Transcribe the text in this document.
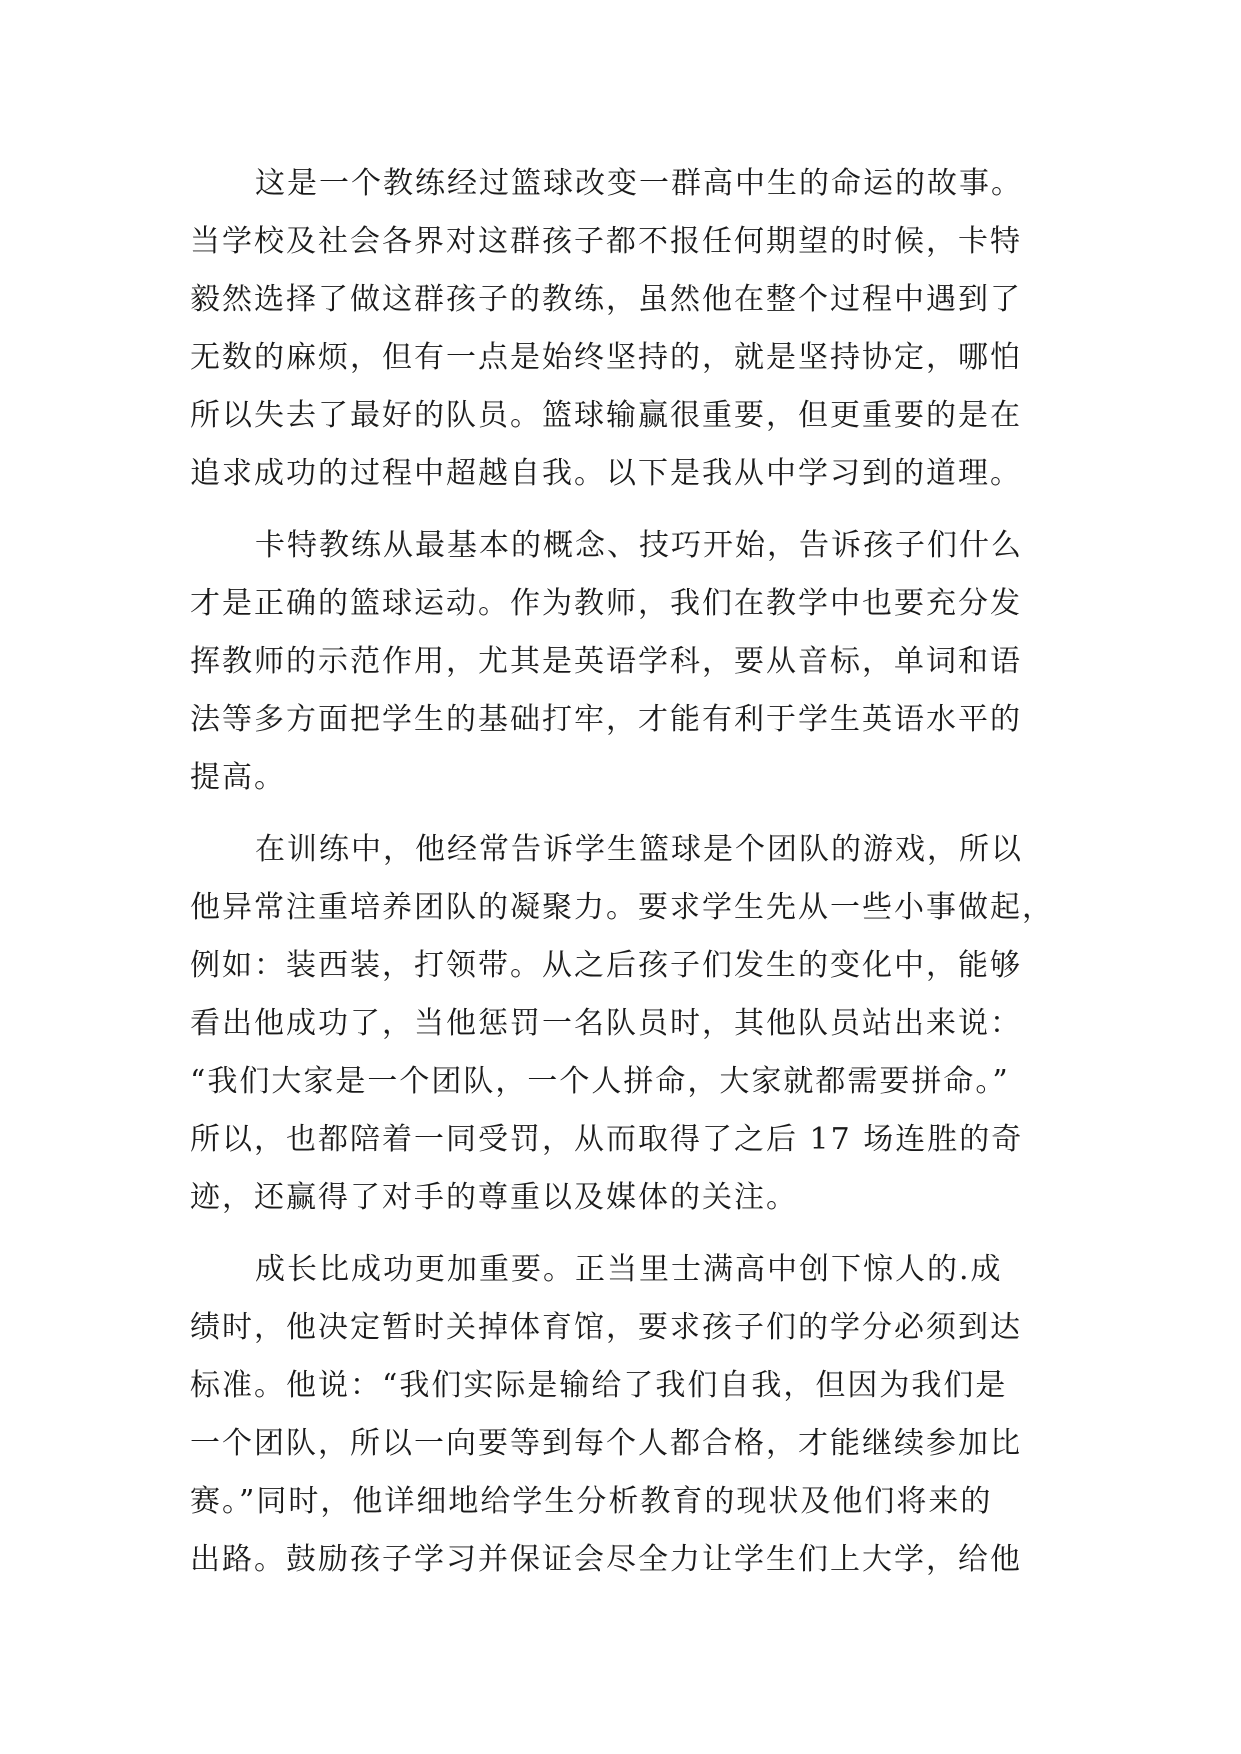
这是一个教练经过篮球改变一群高中生的命运的故事。
当学校及社会各界对这群孩子都不报任何期望的时候，卡特
毅然选择了做这群孩子的教练，虽然他在整个过程中遇到了
无数的麻烦，但有一点是始终坚持的，就是坚持协定，哪怕
所以失去了最好的队员。篮球输赢很重要，但更重要的是在
追求成功的过程中超越自我。以下是我从中学习到的道理。
卡特教练从最基本的概念、技巧开始，告诉孩子们什么
才是正确的篮球运动。作为教师，我们在教学中也要充分发
挥教师的示范作用，尤其是英语学科，要从音标，单词和语
法等多方面把学生的基础打牢，才能有利于学生英语水平的
提高。
在训练中，他经常告诉学生篮球是个团队的游戏，所以
他异常注重培养团队的凝聚力。要求学生先从一些小事做起，
例如：装西装，打领带。从之后孩子们发生的变化中，能够
看出他成功了，当他惩罚一名队员时，其他队员站出来说：
“我们大家是一个团队，一个人拼命，大家就都需要拼命。”
所以，也都陪着一同受罚，从而取得了之后 17 场连胜的奇
迹，还赢得了对手的尊重以及媒体的关注。
成长比成功更加重要。正当里士满高中创下惊人的.成
绩时，他决定暂时关掉体育馆，要求孩子们的学分必须到达
标准。他说：“我们实际是输给了我们自我，但因为我们是
一个团队，所以一向要等到每个人都合格，才能继续参加比
赛。”同时，他详细地给学生分析教育的现状及他们将来的
出路。鼓励孩子学习并保证会尽全力让学生们上大学，给他
